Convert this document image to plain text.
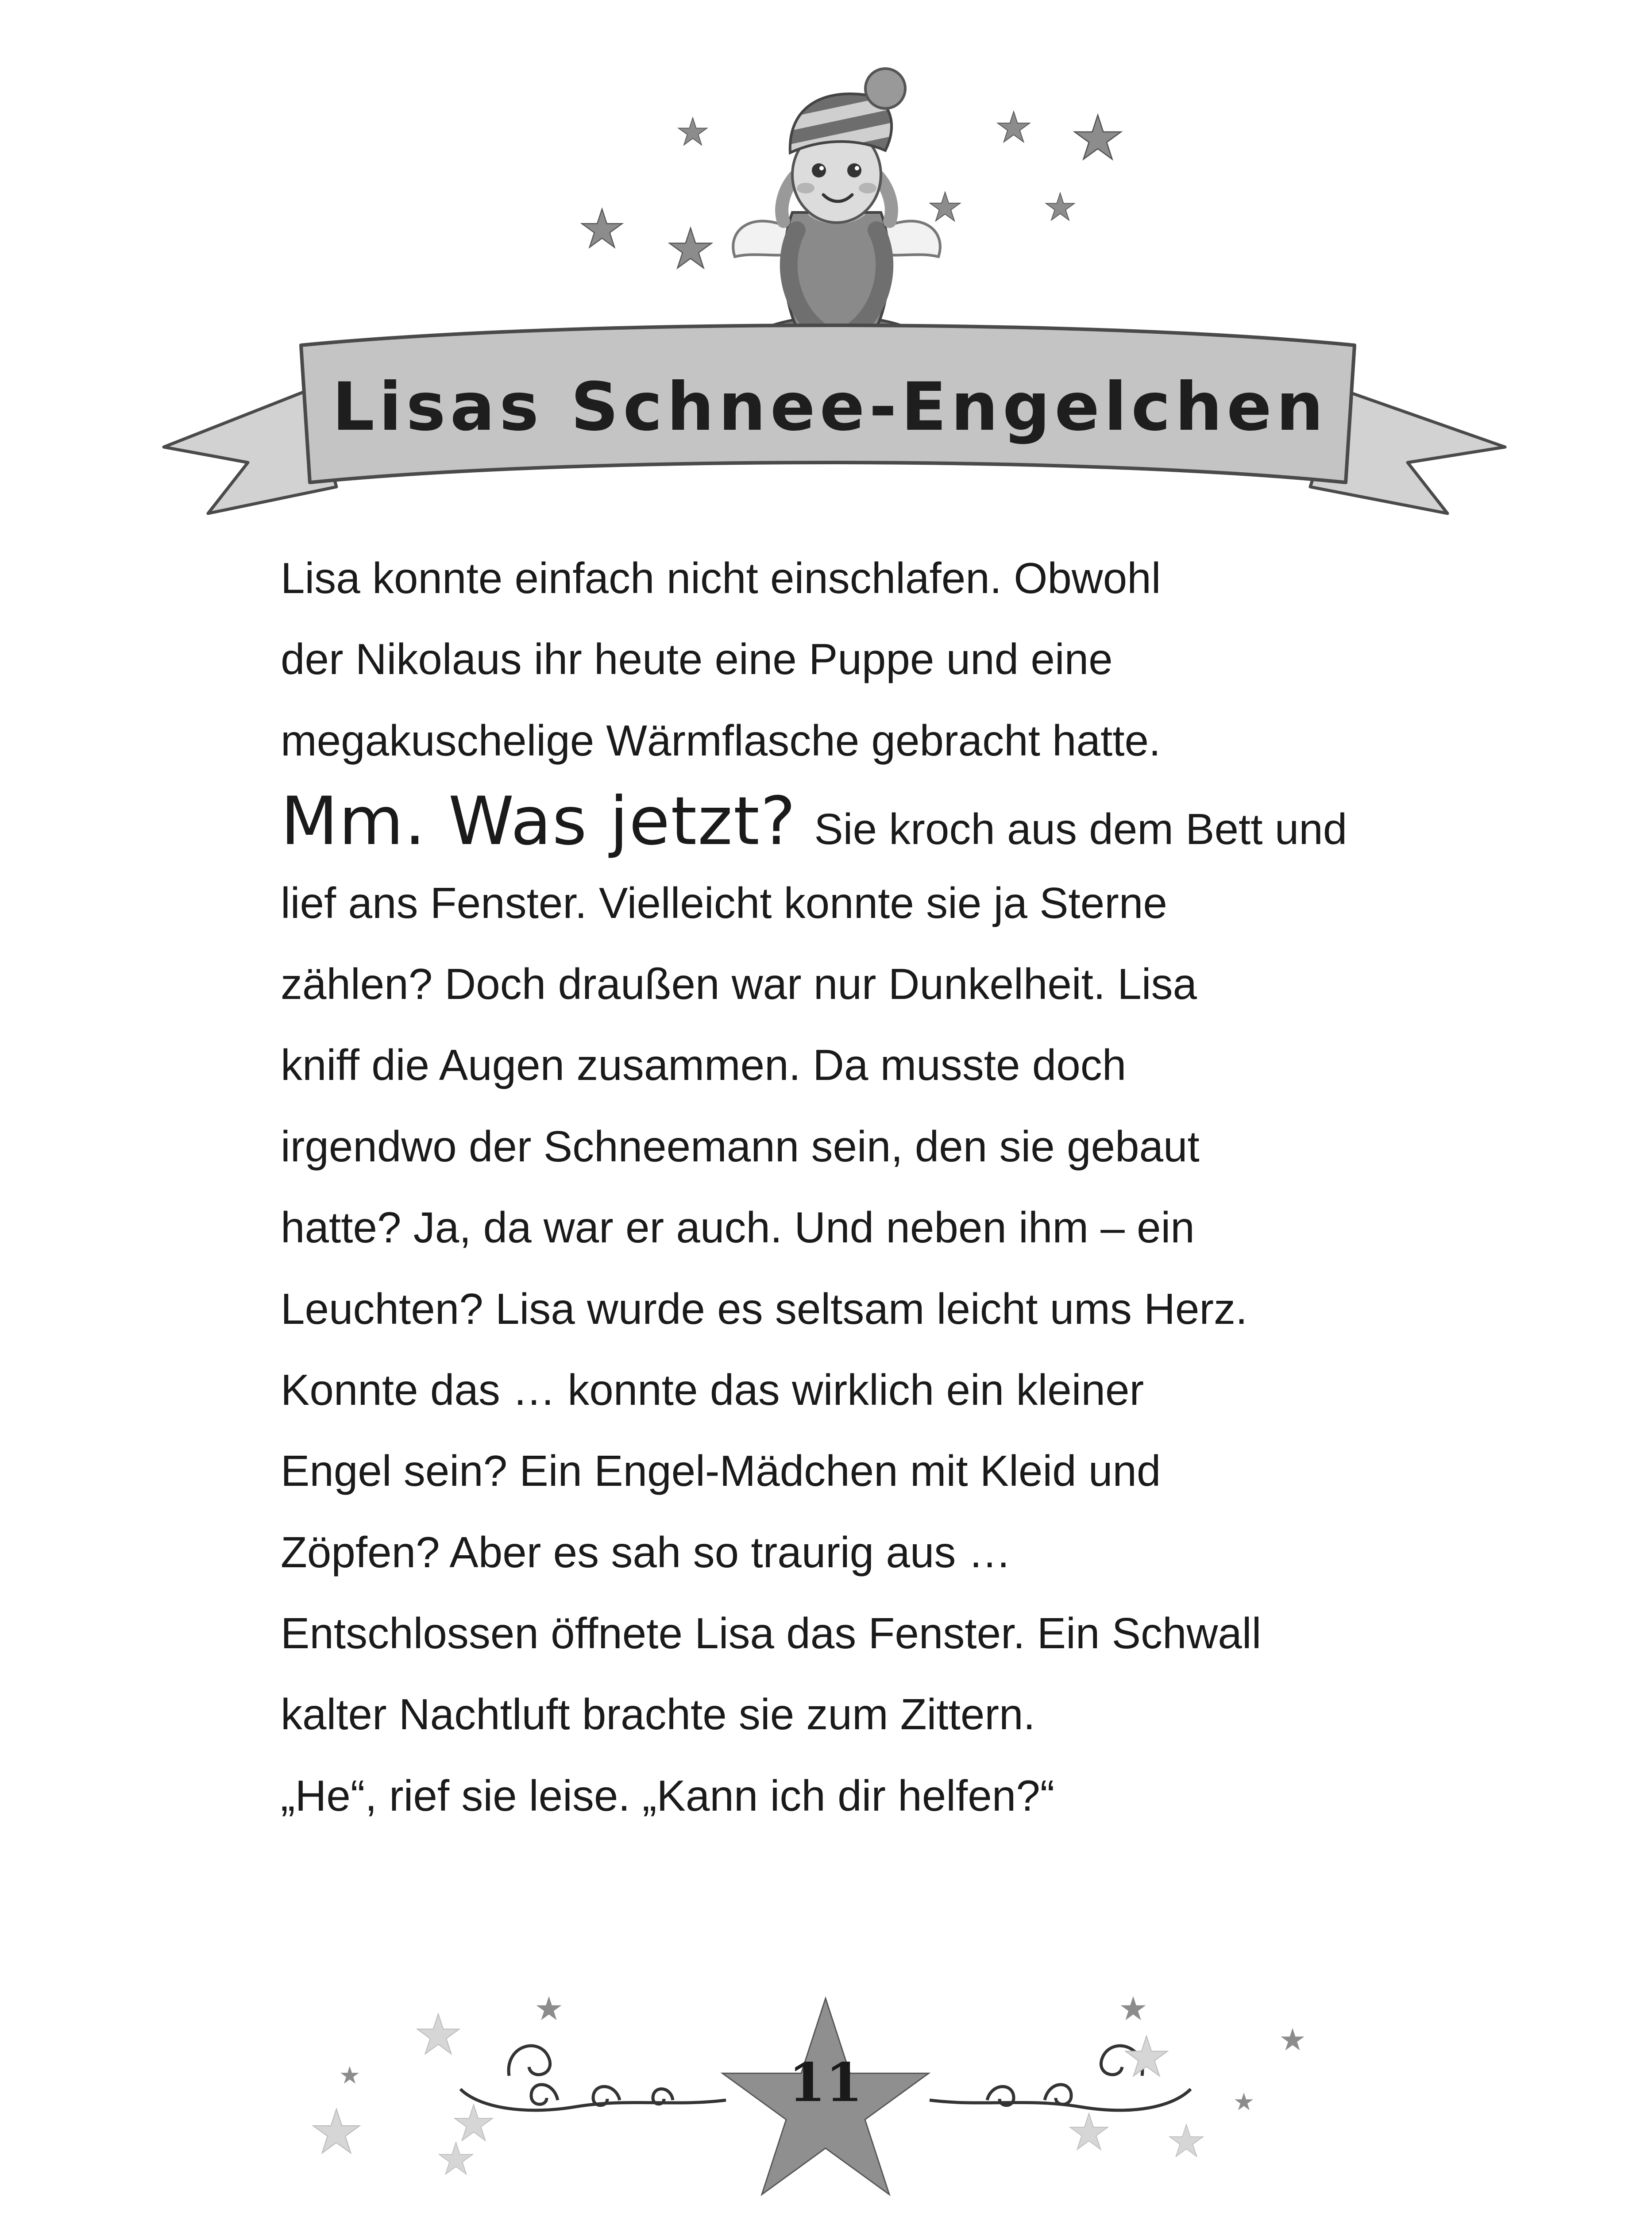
Lisas Schnee-Engelchen
Lisa konnte einfach nicht einschlafen. Obwohl
der Nikolaus ihr heute eine Puppe und eine
megakuschelige Wärmflasche gebracht hatte.
Mm. Was jetzt? Sie kroch aus dem Bett und
lief ans Fenster. Vielleicht konnte sie ja Sterne
zählen? Doch draußen war nur Dunkelheit. Lisa
kniff die Augen zusammen. Da musste doch
irgendwo der Schneemann sein, den sie gebaut
hatte? Ja, da war er auch. Und neben ihm – ein
Leuchten? Lisa wurde es seltsam leicht ums Herz.
Konnte das … konnte das wirklich ein kleiner
Engel sein? Ein Engel-Mädchen mit Kleid und
Zöpfen? Aber es sah so traurig aus …
Entschlossen öffnete Lisa das Fenster. Ein Schwall
kalter Nachtluft brachte sie zum Zittern.
„He“, rief sie leise. „Kann ich dir helfen?“
11
